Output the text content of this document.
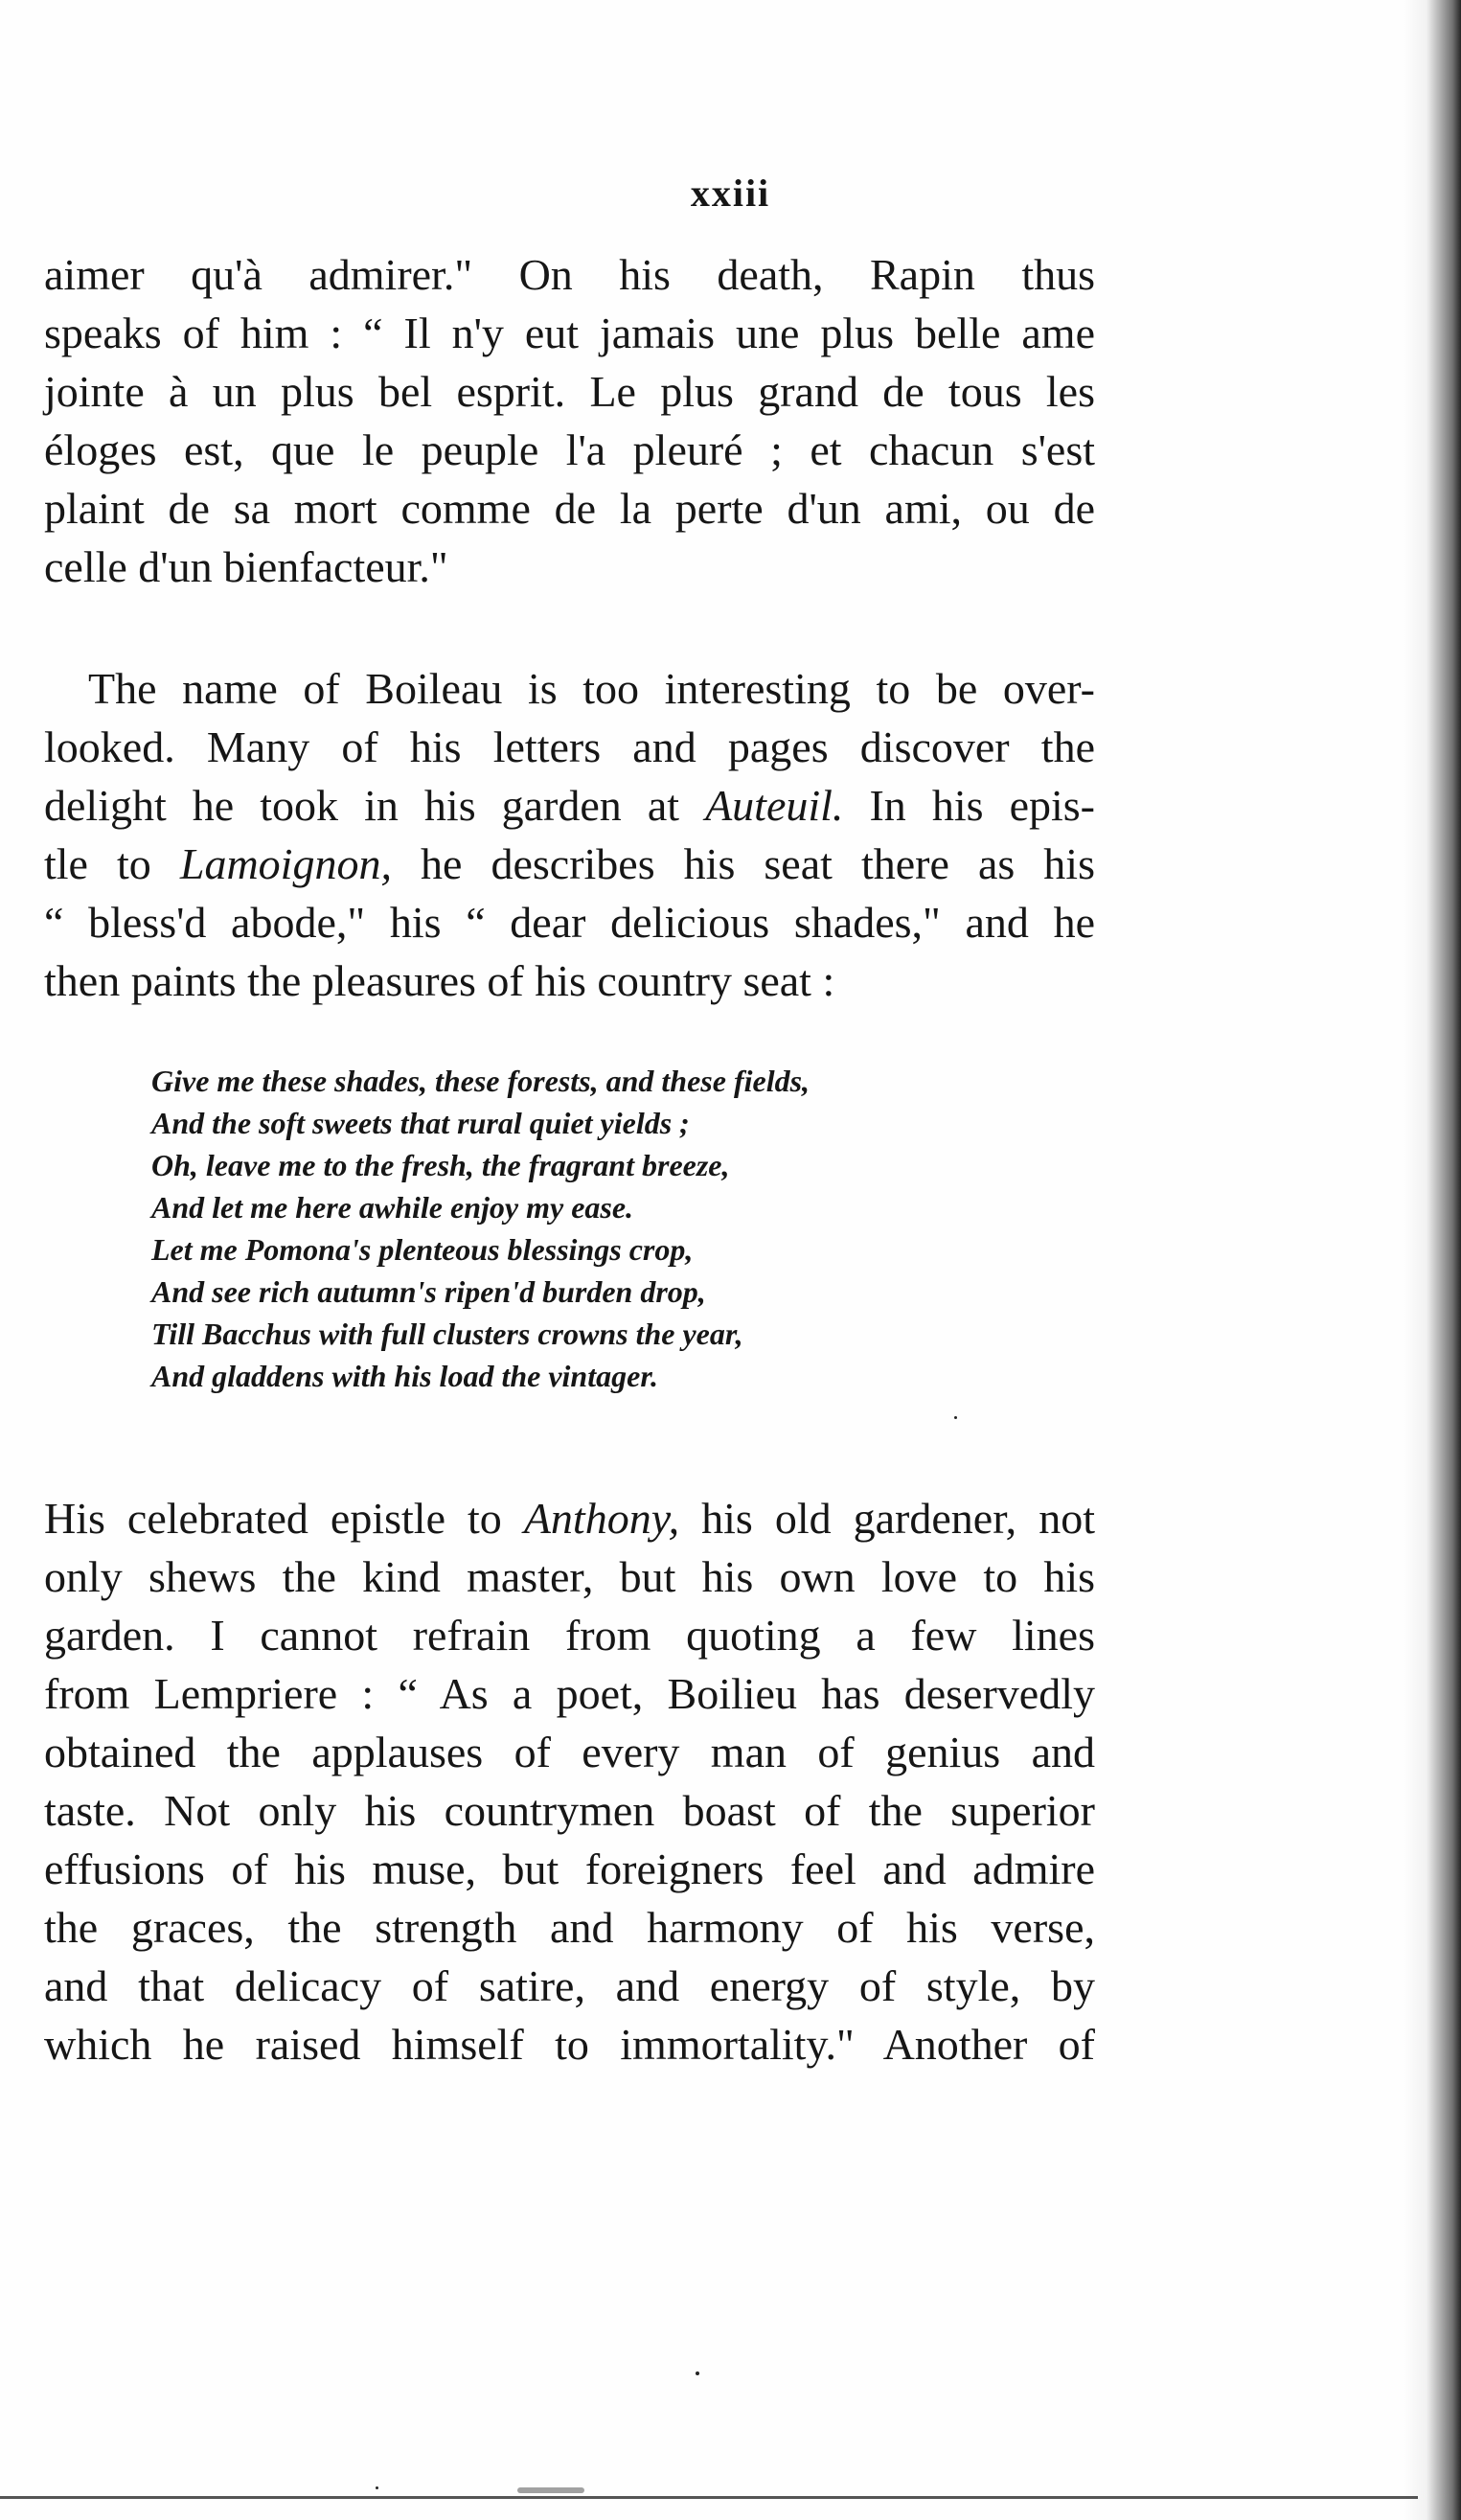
xxiii
aimer qu'à admirer." On his death, Rapin thus
speaks of him : “ Il n'y eut jamais une plus belle ame
jointe à un plus bel esprit. Le plus grand de tous les
éloges est, que le peuple l'a pleuré ; et chacun s'est
plaint de sa mort comme de la perte d'un ami, ou de
celle d'un bienfacteur."
The name of Boileau is too interesting to be over-
looked. Many of his letters and pages discover the
delight he took in his garden at Auteuil. In his epis-
tle to Lamoignon, he describes his seat there as his
“ bless'd abode," his “ dear delicious shades," and he
then paints the pleasures of his country seat :
Give me these shades, these forests, and these fields,
And the soft sweets that rural quiet yields ;
Oh, leave me to the fresh, the fragrant breeze,
And let me here awhile enjoy my ease.
Let me Pomona's plenteous blessings crop,
And see rich autumn's ripen'd burden drop,
Till Bacchus with full clusters crowns the year,
And gladdens with his load the vintager.
His celebrated epistle to Anthony, his old gardener, not
only shews the kind master, but his own love to his
garden. I cannot refrain from quoting a few lines
from Lempriere : “ As a poet, Boilieu has deservedly
obtained the applauses of every man of genius and
taste. Not only his countrymen boast of the superior
effusions of his muse, but foreigners feel and admire
the graces, the strength and harmony of his verse,
and that delicacy of satire, and energy of style, by
which he raised himself to immortality." Another of
